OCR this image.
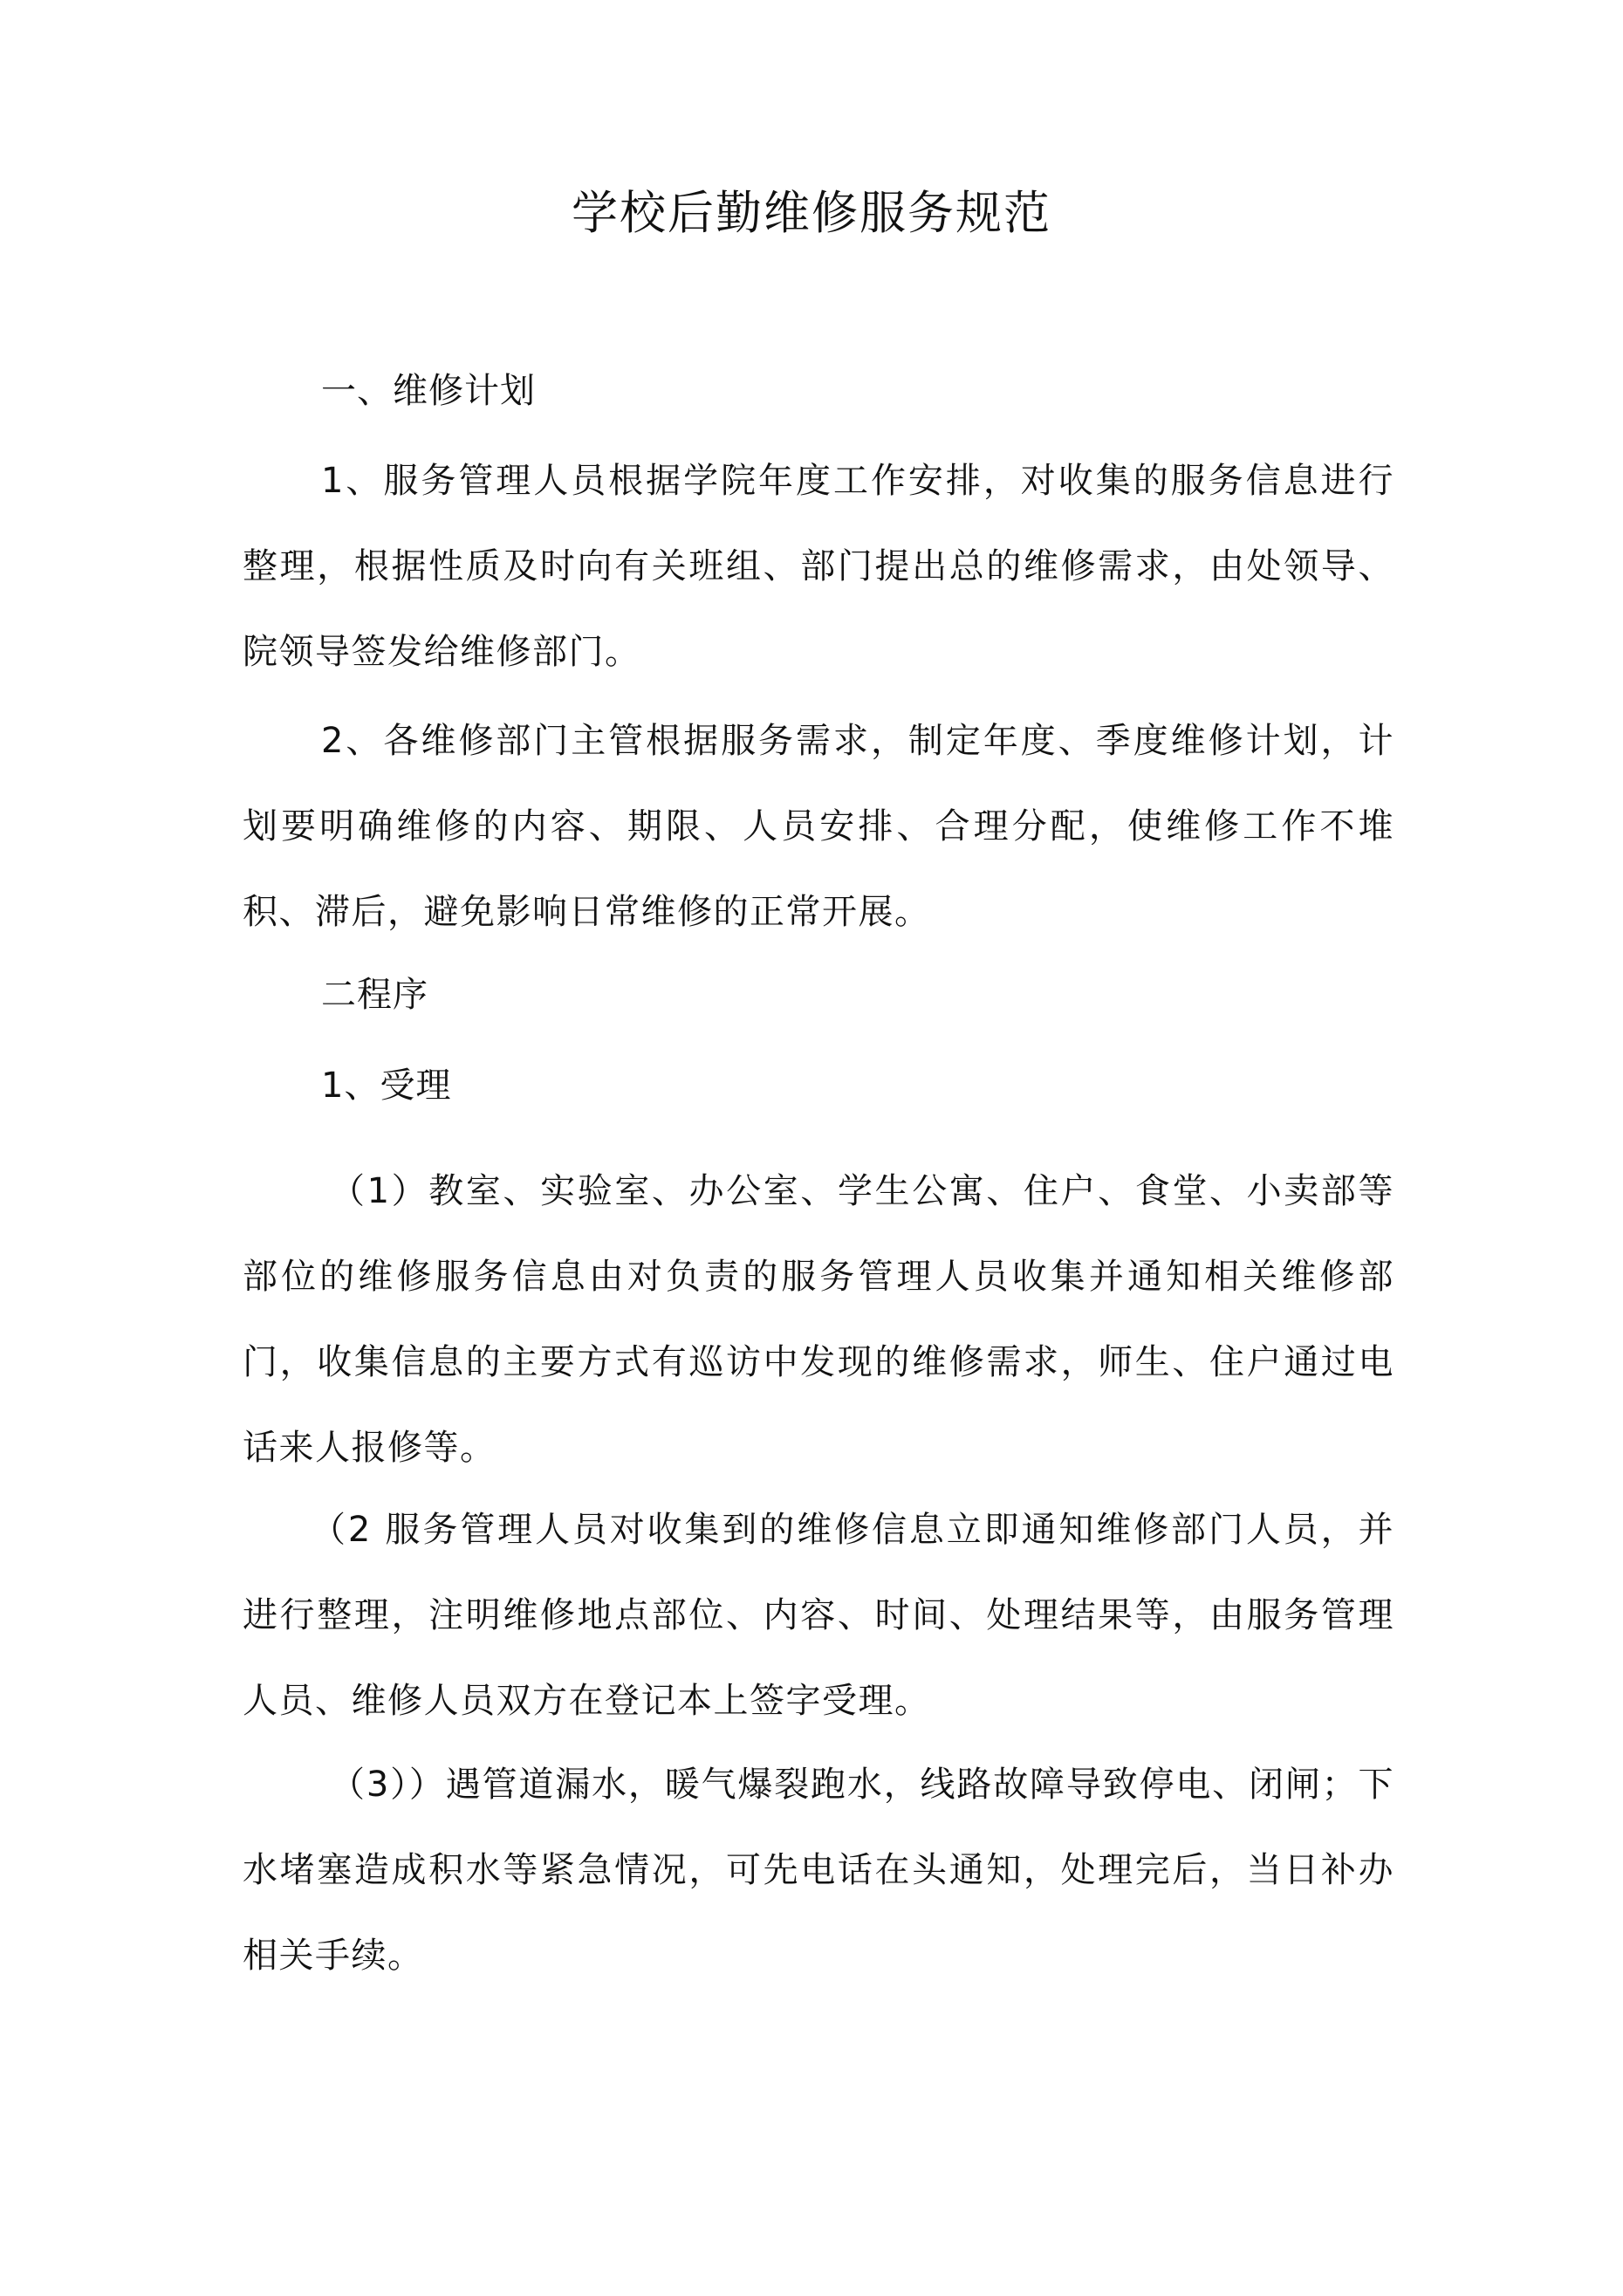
学校后勤维修服务规范
一、维修计划
1、服务管理人员根据学院年度工作安排，对收集的服务信息进行整理，根据性质及时向有关班组、部门提出总的维修需求，由处领导、院领导签发给维修部门。
2、各维修部门主管根据服务需求，制定年度、季度维修计划，计划要明确维修的内容、期限、人员安排、合理分配，使维修工作不堆积、滞后，避免影响日常维修的正常开展。
二程序
1、受理
（1）教室、实验室、办公室、学生公寓、住户、食堂、小卖部等部位的维修服务信息由对负责的服务管理人员收集并通知相关维修部门，收集信息的主要方式有巡访中发现的维修需求，师生、住户通过电话来人报修等。
（2 服务管理人员对收集到的维修信息立即通知维修部门人员，并进行整理，注明维修地点部位、内容、时间、处理结果等，由服务管理人员、维修人员双方在登记本上签字受理。
（3））遇管道漏水，暖气爆裂跑水，线路故障导致停电、闭闸；下水堵塞造成积水等紧急情况，可先电话在头通知，处理完后，当日补办相关手续。
